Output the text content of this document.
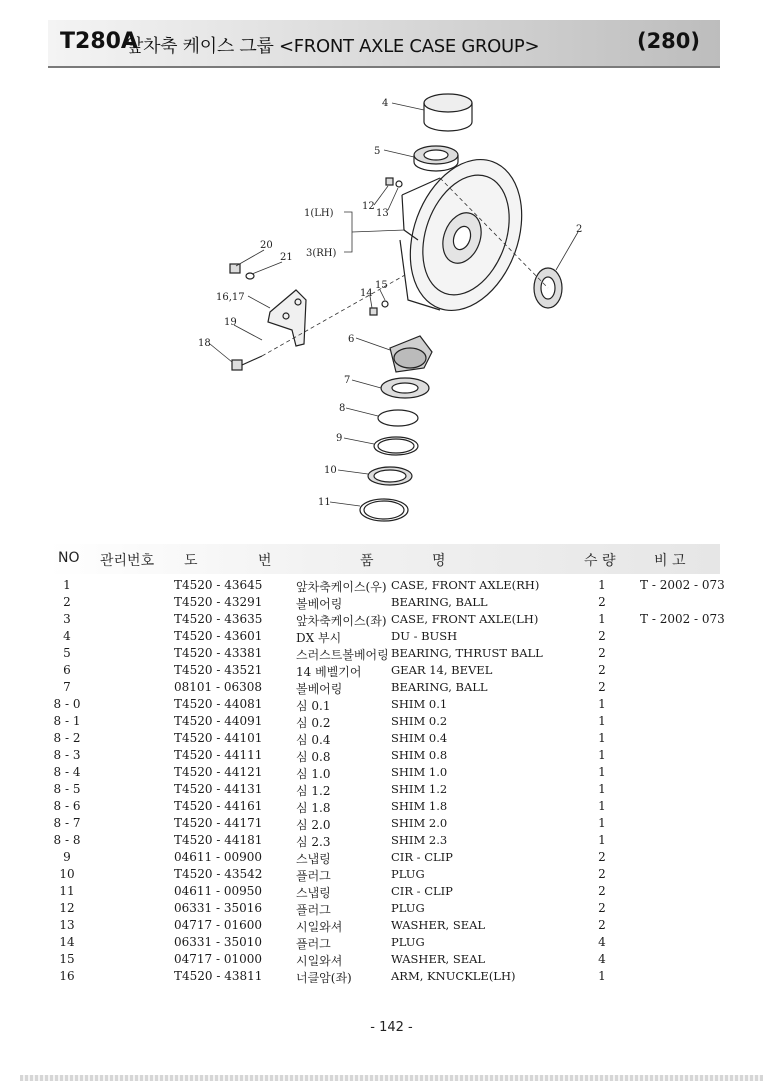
T280A
앞차축 케이스 그룹 <FRONT AXLE CASE GROUP>	(280)
4
5
12
13
1(LH)
3(RH)
2
20
21
16,17	14
15
19
18	6
7
8
9
10
11
NO 관리번호 도	번	품	명	수 량	비 고
1	T4520 - 43645	앞차축케이스(우) CASE, FRONT AXLE(RH)	1	T - 2002 - 073
2	T4520 - 43291	볼베어링	BEARING, BALL	2
3	T4520 - 43635	앞차축케이스(좌) CASE, FRONT AXLE(LH)	1	T - 2002 - 073
4	T4520 - 43601	DX 부시	DU - BUSH	2
5	T4520 - 43381	스러스트볼베어링 BEARING, THRUST BALL	2
6	T4520 - 43521	14 베벨기어	GEAR 14, BEVEL	2
7	08101 - 06308	볼베어링	BEARING, BALL	2
8 - 0	T4520 - 44081	심 0.1	SHIM 0.1	1
8 - 1	T4520 - 44091	심 0.2	SHIM 0.2	1
8 - 2	T4520 - 44101	심 0.4	SHIM 0.4	1
8 - 3	T4520 - 44111	심 0.8	SHIM 0.8	1
8 - 4	T4520 - 44121	심 1.0	SHIM 1.0	1
8 - 5	T4520 - 44131	심 1.2	SHIM 1.2	1
8 - 6	T4520 - 44161	심 1.8	SHIM 1.8	1
8 - 7	T4520 - 44171	심 2.0	SHIM 2.0	1
8 - 8	T4520 - 44181	심 2.3	SHIM 2.3	1
9	04611 - 00900	스냅링	CIR - CLIP	2
10	T4520 - 43542	플러그	PLUG	2
11	04611 - 00950	스냅링	CIR - CLIP	2
12	06331 - 35016	플러그	PLUG	2
13	04717 - 01600	시일와셔	WASHER, SEAL	2
14	06331 - 35010	플러그	PLUG	4
15	04717 - 01000	시일와셔	WASHER, SEAL	4
16	T4520 - 43811	너클암(좌)	ARM, KNUCKLE(LH)	1
- 142 -
